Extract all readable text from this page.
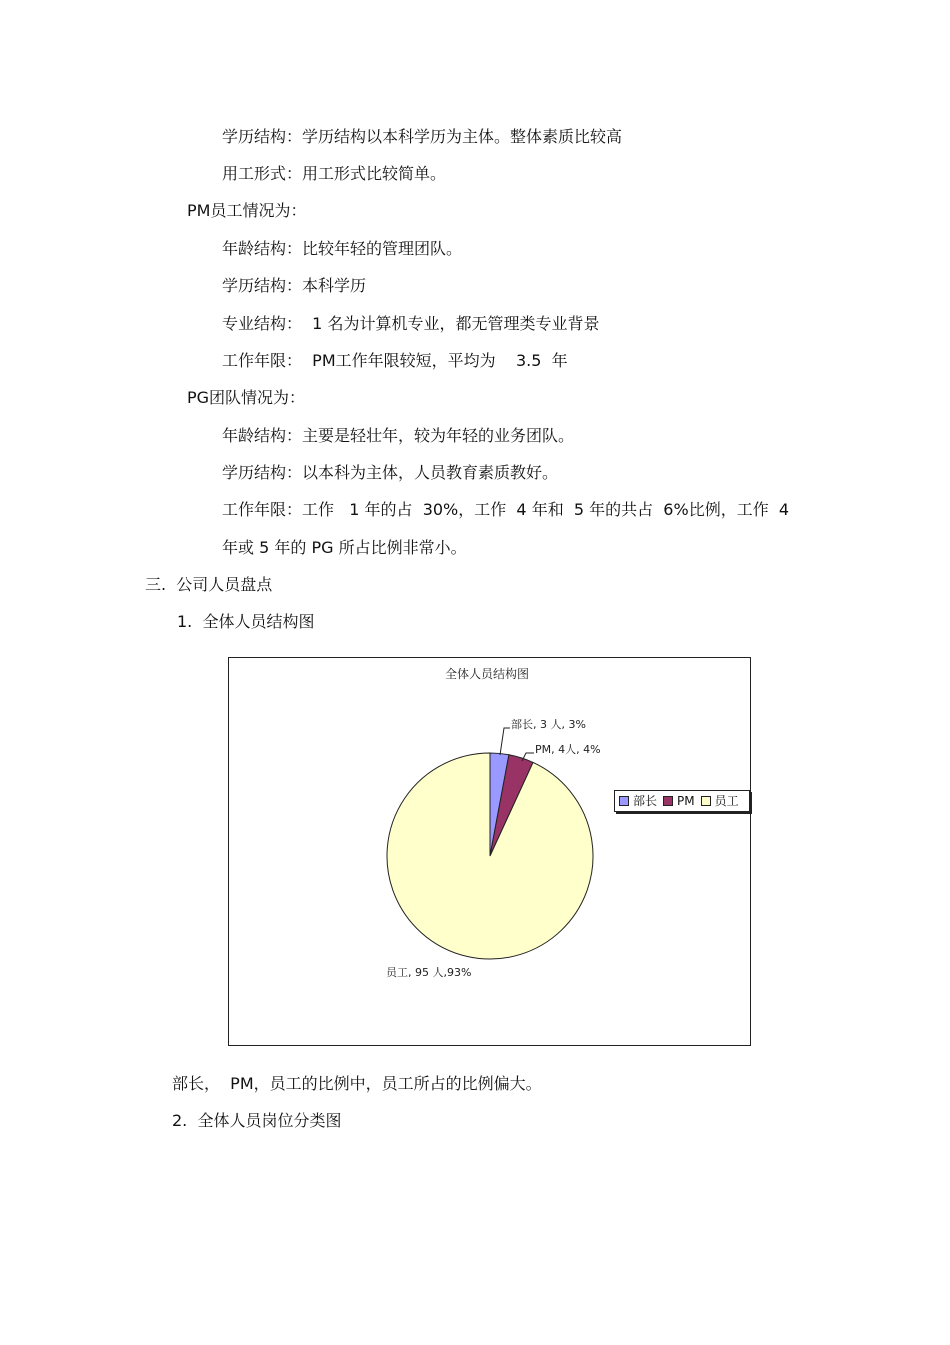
学历结构：学历结构以本科学历为主体。整体素质比较高
用工形式：用工形式比较简单。
PM员工情况为：
年龄结构：比较年轻的管理团队。
学历结构：本科学历
专业结构：  1 名为计算机专业，都无管理类专业背景
工作年限：  PM工作年限较短，平均为    3.5  年
PG团队情况为：
年龄结构：主要是轻壮年，较为年轻的业务团队。
学历结构：以本科为主体，人员教育素质教好。
工作年限：工作   1 年的占  30%，工作  4 年和  5 年的共占  6%比例，工作  4
年或 5 年的 PG 所占比例非常小。
三.  公司人员盘点
1.  全体人员结构图
全体人员结构图
部长, 3 人, 3%
PM, 4人, 4%
员工, 95 人,93%
部长 PM 员工
部长，  PM，员工的比例中，员工所占的比例偏大。
2.  全体人员岗位分类图
